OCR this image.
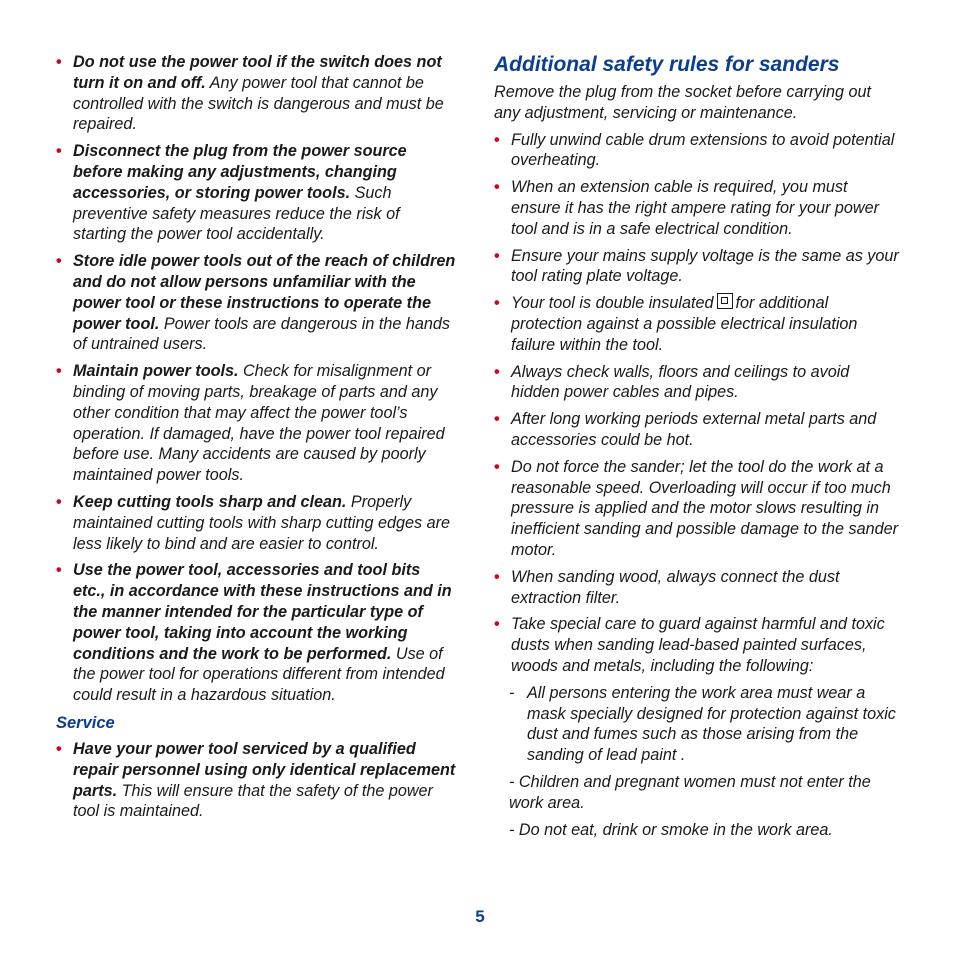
• Do not use the power tool if the switch does not turn it on and off. Any power tool that cannot be controlled with the switch is dangerous and must be repaired.
• Disconnect the plug from the power source before making any adjustments, changing accessories, or storing power tools. Such preventive safety measures reduce the risk of starting the power tool accidentally.
• Store idle power tools out of the reach of children and do not allow persons unfamiliar with the power tool or these instructions to operate the power tool. Power tools are dangerous in the hands of untrained users.
• Maintain power tools. Check for misalignment or binding of moving parts, breakage of parts and any other condition that may affect the power tool’s operation. If damaged, have the power tool repaired before use. Many accidents are caused by poorly maintained power tools.
• Keep cutting tools sharp and clean. Properly maintained cutting tools with sharp cutting edges are less likely to bind and are easier to control.
• Use the power tool, accessories and tool bits etc., in accordance with these instructions and in the manner intended for the particular type of power tool, taking into account the working conditions and the work to be performed. Use of the power tool for operations different from intended could result in a hazardous situation.
Service
• Have your power tool serviced by a qualified repair personnel using only identical replacement parts. This will ensure that the safety of the power tool is maintained.
Additional safety rules for sanders
Remove the plug from the socket before carrying out any adjustment, servicing or maintenance.
• Fully unwind cable drum extensions to avoid potential overheating.
• When an extension cable is required, you must ensure it has the right ampere rating for your power tool and is in a safe electrical condition.
• Ensure your mains supply voltage is the same as your tool rating plate voltage.
• Your tool is double insulated for additional protection against a possible electrical insulation failure within the tool.
• Always check walls, floors and ceilings to avoid hidden power cables and pipes.
• After long working periods external metal parts and accessories could be hot.
• Do not force the sander; let the tool do the work at a reasonable speed. Overloading will occur if too much pressure is applied and the motor slows resulting in inefficient sanding and possible damage to the sander motor.
• When sanding wood, always connect the dust extraction filter.
• Take special care to guard against harmful and toxic dusts when sanding lead-based painted surfaces, woods and metals, including the following:
- All persons entering the work area must wear a mask specially designed for protection against toxic dust and fumes such as those arising from the sanding of lead paint .
- Children and pregnant women must not enter the work area.
- Do not eat, drink or smoke in the work area.
5
